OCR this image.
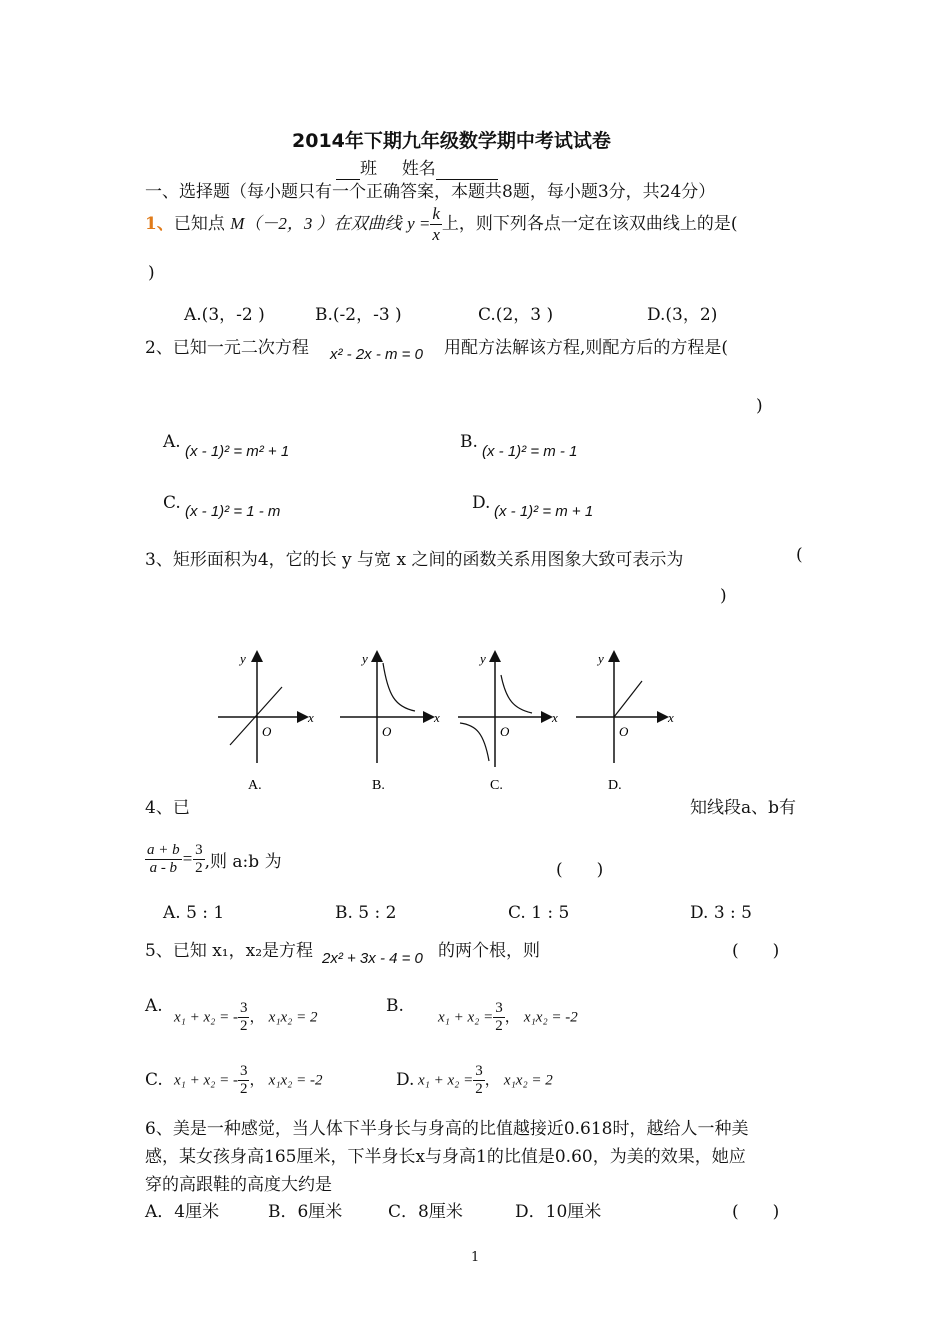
2014年下期九年级数学期中考试试卷
班 姓名
一、选择题（每小题只有一个正确答案，本题共8题，每小题3分，共24分）
1、已知点 M（－2，3 ）在双曲线 $y = \frac{k}{x}$ 上，则下列各点一定在该双曲线上的是(
)
A.(3，-2 )	B.(-2，-3 )	C.(2，3 )	D.(3，2)
2、已知一元二次方程 x² - 2x - m = 0 用配方法解该方程,则配方后的方程是(
)
A. (x - 1)² = m² + 1	B. (x - 1)² = m - 1
C. (x - 1)² = 1 - m	D. (x - 1)² = m + 1
3、矩形面积为4，它的长 y 与宽 x 之间的函数关系用图象大致可表示为	(
)
x
y
O
A.
x
y
O
B.
x
y
O
C.
x
y
O
D.
4、已	知线段a、b有
$\frac{a + b}{a - b} = \frac{3}{2}$ ,则 a:b 为	(　　)
A. 5 : 1	B. 5 : 2	C. 1 : 5	D. 3 : 5
5、已知 x₁，x₂是方程 2x² + 3x - 4 = 0 的两个根，则	(　　)
A.
x₁ + x₂ = - $\frac{3}{2}$ ， x₁x₂ = 2
B.
$x_1 + x_2 = \frac{3}{2}$ ， x₁x₂ = -2
C. x₁ + x₂ = - $\frac{3}{2}$ ， x₁x₂ = -2	D. $x_1 + x_2 = \frac{3}{2}$ ， x₁x₂ = 2
6、美是一种感觉，当人体下半身长与身高的比值越接近0.618时，越给人一种美
感，某女孩身高165厘米，下半身长x与身高1的比值是0.60，为美的效果，她应
穿的高跟鞋的高度大约是
A．4厘米	B．6厘米	C．8厘米	D．10厘米	(　　)
1
